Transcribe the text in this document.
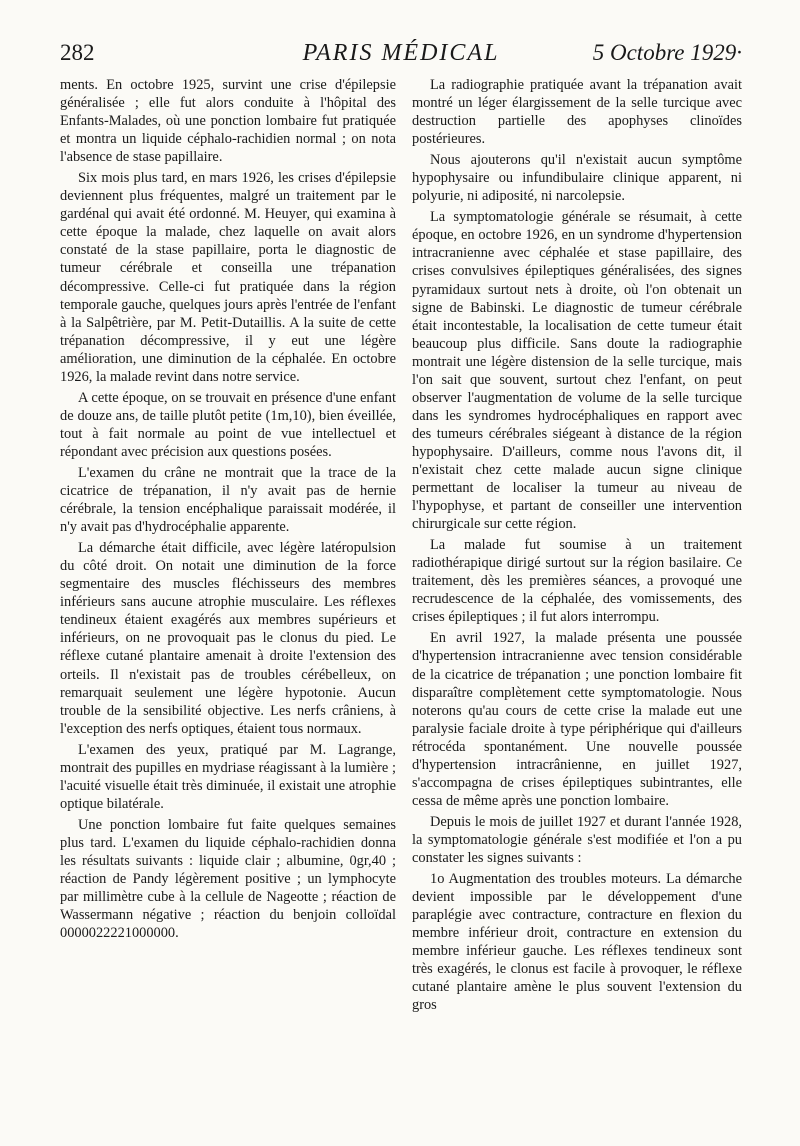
282	PARIS MÉDICAL	5 Octobre 1929·

ments. En octobre 1925, survint une crise d'épilepsie généralisée ; elle fut alors conduite à l'hôpital des Enfants-Malades, où une ponction lombaire fut pratiquée et montra un liquide céphalo-rachidien normal ; on nota l'absence de stase papillaire.

Six mois plus tard, en mars 1926, les crises d'épilepsie deviennent plus fréquentes, malgré un traitement par le gardénal qui avait été ordonné. M. Heuyer, qui examina à cette époque la malade, chez laquelle on avait alors constaté de la stase papillaire, porta le diagnostic de tumeur cérébrale et conseilla une trépanation décompressive. Celle-ci fut pratiquée dans la région temporale gauche, quelques jours après l'entrée de l'enfant à la Salpêtrière, par M. Petit-Dutaillis. A la suite de cette trépanation décompressive, il y eut une légère amélioration, une diminution de la céphalée. En octobre 1926, la malade revint dans notre service.

A cette époque, on se trouvait en présence d'une enfant de douze ans, de taille plutôt petite (1m,10), bien éveillée, tout à fait normale au point de vue intellectuel et répondant avec précision aux questions posées.

L'examen du crâne ne montrait que la trace de la cicatrice de trépanation, il n'y avait pas de hernie cérébrale, la tension encéphalique paraissait modérée, il n'y avait pas d'hydrocéphalie apparente.

La démarche était difficile, avec légère latéropulsion du côté droit. On notait une diminution de la force segmentaire des muscles fléchisseurs des membres inférieurs sans aucune atrophie musculaire. Les réflexes tendineux étaient exagérés aux membres supérieurs et inférieurs, on ne provoquait pas le clonus du pied. Le réflexe cutané plantaire amenait à droite l'extension des orteils. Il n'existait pas de troubles cérébelleux, on remarquait seulement une légère hypotonie. Aucun trouble de la sensibilité objective. Les nerfs crâniens, à l'exception des nerfs optiques, étaient tous normaux.

L'examen des yeux, pratiqué par M. Lagrange, montrait des pupilles en mydriase réagissant à la lumière ; l'acuité visuelle était très diminuée, il existait une atrophie optique bilatérale.

Une ponction lombaire fut faite quelques semaines plus tard. L'examen du liquide céphalo-rachidien donna les résultats suivants : liquide clair ; albumine, 0gr,40 ; réaction de Pandy légèrement positive ; un lymphocyte par millimètre cube à la cellule de Nageotte ; réaction de Wassermann négative ; réaction du benjoin colloïdal 0000022221000000.

La radiographie pratiquée avant la trépanation avait montré un léger élargissement de la selle turcique avec destruction partielle des apophyses clinoïdes postérieures.

Nous ajouterons qu'il n'existait aucun symptôme hypophysaire ou infundibulaire clinique apparent, ni polyurie, ni adiposité, ni narcolepsie.

La symptomatologie générale se résumait, à cette époque, en octobre 1926, en un syndrome d'hypertension intracranienne avec céphalée et stase papillaire, des crises convulsives épileptiques généralisées, des signes pyramidaux surtout nets à droite, où l'on obtenait un signe de Babinski. Le diagnostic de tumeur cérébrale était incontestable, la localisation de cette tumeur était beaucoup plus difficile. Sans doute la radiographie montrait une légère distension de la selle turcique, mais l'on sait que souvent, surtout chez l'enfant, on peut observer l'augmentation de volume de la selle turcique dans les syndromes hydrocéphaliques en rapport avec des tumeurs cérébrales siégeant à distance de la région hypophysaire. D'ailleurs, comme nous l'avons dit, il n'existait chez cette malade aucun signe clinique permettant de localiser la tumeur au niveau de l'hypophyse, et partant de conseiller une intervention chirurgicale sur cette région.

La malade fut soumise à un traitement radiothérapique dirigé surtout sur la région basilaire. Ce traitement, dès les premières séances, a provoqué une recrudescence de la céphalée, des vomissements, des crises épileptiques ; il fut alors interrompu.

En avril 1927, la malade présenta une poussée d'hypertension intracranienne avec tension considérable de la cicatrice de trépanation ; une ponction lombaire fit disparaître complètement cette symptomatologie. Nous noterons qu'au cours de cette crise la malade eut une paralysie faciale droite à type périphérique qui d'ailleurs rétrocéda spontanément. Une nouvelle poussée d'hypertension intracrânienne, en juillet 1927, s'accompagna de crises épileptiques subintrantes, elle cessa de même après une ponction lombaire.

Depuis le mois de juillet 1927 et durant l'année 1928, la symptomatologie générale s'est modifiée et l'on a pu constater les signes suivants :

1o Augmentation des troubles moteurs. La démarche devient impossible par le développement d'une paraplégie avec contracture, contracture en flexion du membre inférieur droit, contracture en extension du membre inférieur gauche. Les réflexes tendineux sont très exagérés, le clonus est facile à provoquer, le réflexe cutané plantaire amène le plus souvent l'extension du gros
